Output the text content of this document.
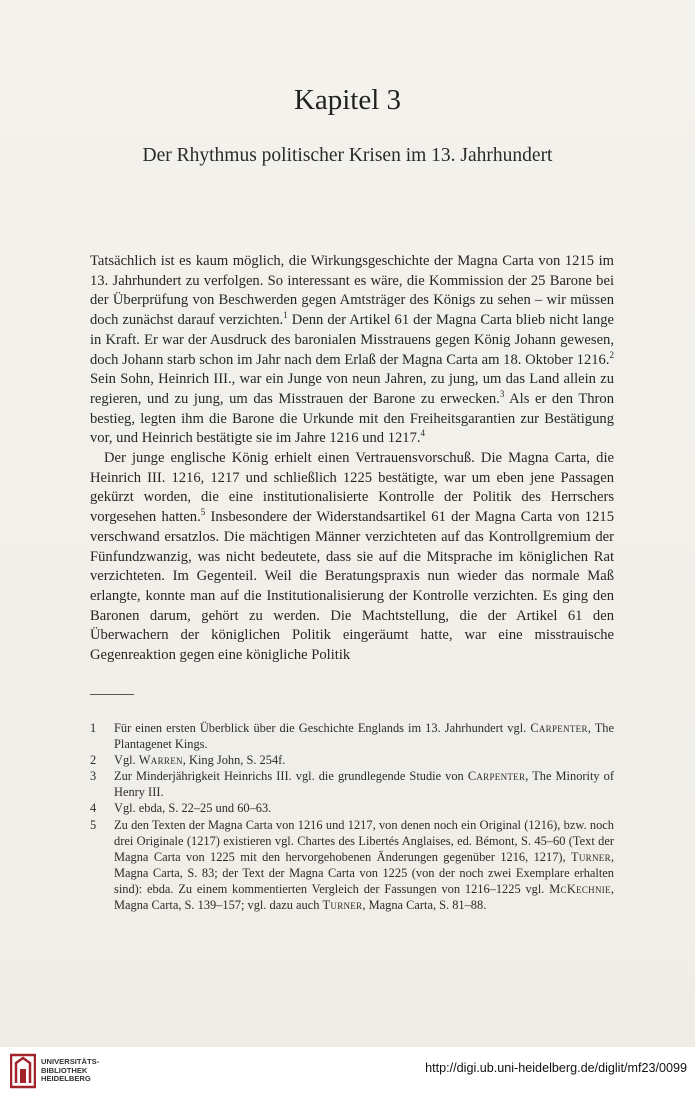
Kapitel 3
Der Rhythmus politischer Krisen im 13. Jahrhundert

Tatsächlich ist es kaum möglich, die Wirkungsgeschichte der Magna Carta von 1215 im 13. Jahrhundert zu verfolgen. So interessant es wäre, die Kommission der 25 Barone bei der Überprüfung von Beschwerden gegen Amtsträger des Königs zu sehen – wir müssen doch zunächst darauf verzichten.$^1$ Denn der Artikel 61 der Magna Carta blieb nicht lange in Kraft. Er war der Ausdruck des baronialen Misstrauens gegen König Johann gewesen, doch Johann starb schon im Jahr nach dem Erlaß der Magna Carta am 18. Oktober 1216.$^2$ Sein Sohn, Heinrich III., war ein Junge von neun Jahren, zu jung, um das Land allein zu regieren, und zu jung, um das Misstrauen der Barone zu erwecken.$^3$ Als er den Thron bestieg, legten ihm die Barone die Urkunde mit den Freiheitsgarantien zur Bestätigung vor, und Heinrich bestätigte sie im Jahre 1216 und 1217.$^4$

Der junge englische König erhielt einen Vertrauensvorschuß. Die Magna Carta, die Heinrich III. 1216, 1217 und schließlich 1225 bestätigte, war um eben jene Passagen gekürzt worden, die eine institutionalisierte Kontrolle der Politik des Herrschers vorgesehen hatten.$^5$ Insbesondere der Widerstandsartikel 61 der Magna Carta von 1215 verschwand ersatzlos. Die mächtigen Männer verzichteten auf das Kontrollgremium der Fünfundzwanzig, was nicht bedeutete, dass sie auf die Mitsprache im königlichen Rat verzichteten. Im Gegenteil. Weil die Beratungspraxis nun wieder das normale Maß erlangte, konnte man auf die Institutionalisierung der Kontrolle verzichten. Es ging den Baronen darum, gehört zu werden. Die Machtstellung, die der Artikel 61 den Überwachern der königlichen Politik eingeräumt hatte, war eine misstrauische Gegenreaktion gegen eine königliche Politik

1	Für einen ersten Überblick über die Geschichte Englands im 13. Jahrhundert vgl. Carpenter, The Plantagenet Kings.
2	Vgl. Warren, King John, S. 254f.
3	Zur Minderjährigkeit Heinrichs III. vgl. die grundlegende Studie von Carpenter, The Minority of Henry III.
4	Vgl. ebda, S. 22–25 und 60–63.
5	Zu den Texten der Magna Carta von 1216 und 1217, von denen noch ein Original (1216), bzw. noch drei Originale (1217) existieren vgl. Chartes des Libertés Anglaises, ed. Bémont, S. 45–60 (Text der Magna Carta von 1225 mit den hervorgehobenen Änderungen gegenüber 1216, 1217), Turner, Magna Carta, S. 83; der Text der Magna Carta von 1225 (von der noch zwei Exemplare erhalten sind): ebda. Zu einem kommentierten Vergleich der Fassungen von 1216–1225 vgl. McKechnie, Magna Carta, S. 139–157; vgl. dazu auch Turner, Magna Carta, S. 81–88.
UNIVERSITÄTS-
BIBLIOTHEK
HEIDELBERG
http://digi.ub.uni-heidelberg.de/diglit/mf23/0099
